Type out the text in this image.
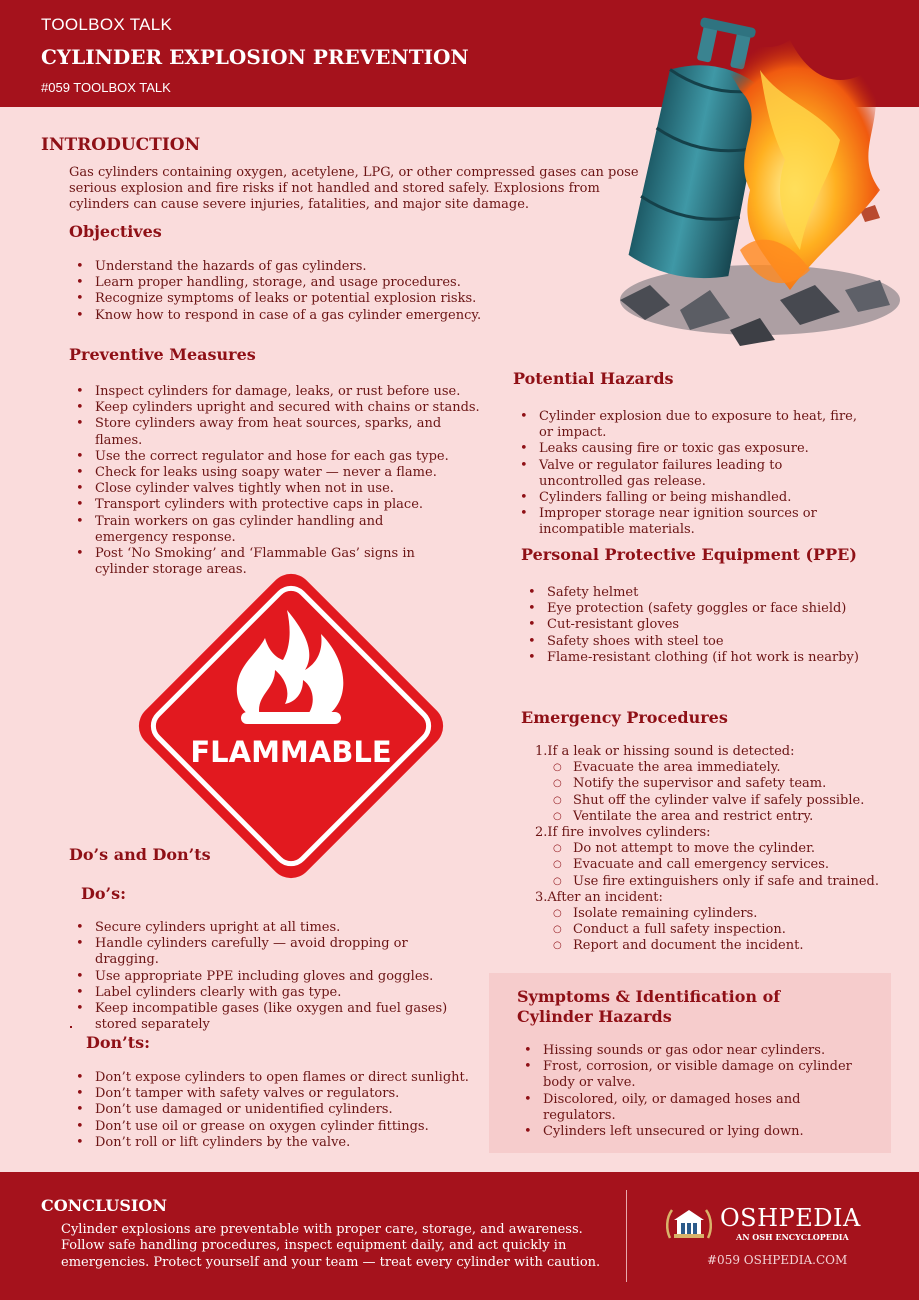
TOOLBOX TALK
CYLINDER EXPLOSION PREVENTION
#059 TOOLBOX TALK
INTRODUCTION
Gas cylinders containing oxygen, acetylene, LPG, or other compressed gases can pose serious explosion and fire risks if not handled and stored safely. Explosions from cylinders can cause severe injuries, fatalities, and major site damage.
Objectives
• Understand the hazards of gas cylinders.
• Learn proper handling, storage, and usage procedures.
• Recognize symptoms of leaks or potential explosion risks.
• Know how to respond in case of a gas cylinder emergency.
Preventive Measures
• Inspect cylinders for damage, leaks, or rust before use.
• Keep cylinders upright and secured with chains or stands.
• Store cylinders away from heat sources, sparks, and flames.
• Use the correct regulator and hose for each gas type.
• Check for leaks using soapy water — never a flame.
• Close cylinder valves tightly when not in use.
• Transport cylinders with protective caps in place.
• Train workers on gas cylinder handling and emergency response.
• Post ‘No Smoking’ and ‘Flammable Gas’ signs in cylinder storage areas.
Potential Hazards
• Cylinder explosion due to exposure to heat, fire, or impact.
• Leaks causing fire or toxic gas exposure.
• Valve or regulator failures leading to uncontrolled gas release.
• Cylinders falling or being mishandled.
• Improper storage near ignition sources or incompatible materials.
Personal Protective Equipment (PPE)
• Safety helmet
• Eye protection (safety goggles or face shield)
• Cut-resistant gloves
• Safety shoes with steel toe
• Flame-resistant clothing (if hot work is nearby)
FLAMMABLE
Emergency Procedures
1.If a leak or hissing sound is detected:
○ Evacuate the area immediately.
○ Notify the supervisor and safety team.
○ Shut off the cylinder valve if safely possible.
○ Ventilate the area and restrict entry.
2.If fire involves cylinders:
○ Do not attempt to move the cylinder.
○ Evacuate and call emergency services.
○ Use fire extinguishers only if safe and trained.
3.After an incident:
○ Isolate remaining cylinders.
○ Conduct a full safety inspection.
○ Report and document the incident.
Do’s and Don’ts
Do’s:
• Secure cylinders upright at all times.
• Handle cylinders carefully — avoid dropping or dragging.
• Use appropriate PPE including gloves and goggles.
• Label cylinders clearly with gas type.
• Keep incompatible gases (like oxygen and fuel gases) stored separately
Don’ts:
• Don’t expose cylinders to open flames or direct sunlight.
• Don’t tamper with safety valves or regulators.
• Don’t use damaged or unidentified cylinders.
• Don’t use oil or grease on oxygen cylinder fittings.
• Don’t roll or lift cylinders by the valve.
Symptoms & Identification of Cylinder Hazards
• Hissing sounds or gas odor near cylinders.
• Frost, corrosion, or visible damage on cylinder body or valve.
• Discolored, oily, or damaged hoses and regulators.
• Cylinders left unsecured or lying down.
CONCLUSION
Cylinder explosions are preventable with proper care, storage, and awareness. Follow safe handling procedures, inspect equipment daily, and act quickly in emergencies. Protect yourself and your team — treat every cylinder with caution.
OSHPEDIA
AN OSH ENCYCLOPEDIA
#059 OSHPEDIA.COM
